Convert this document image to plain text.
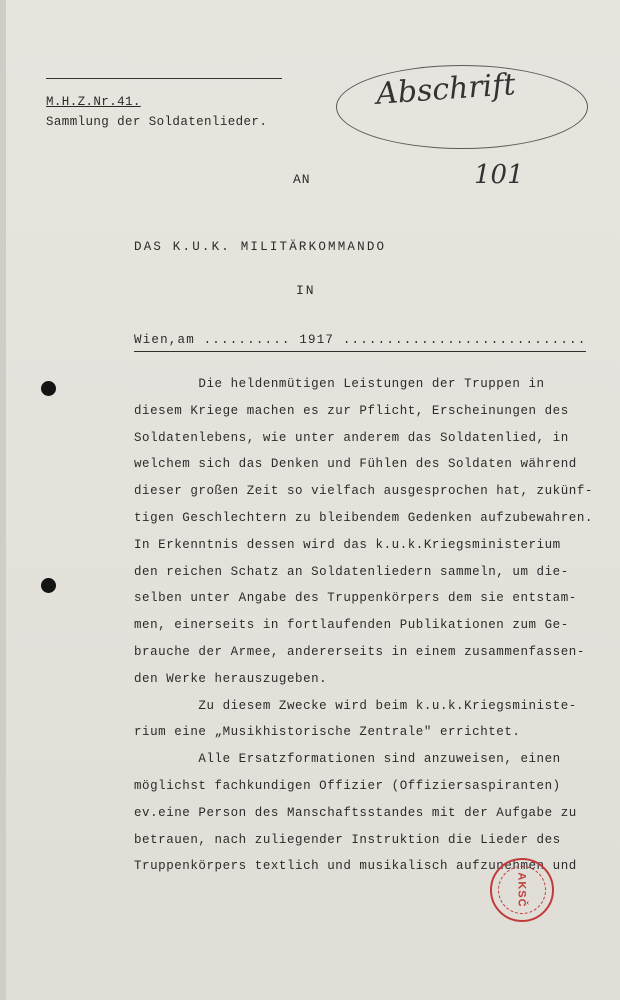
M.H.Z.Nr.41.
Sammlung der Soldatenlieder.
Abschrift
101
AN
DAS K.U.K. MILITÄRKOMMANDO
IN
Wien,am .......... 1917 ............................
Die heldenmütigen Leistungen der Truppen in
diesem Kriege machen es zur Pflicht, Erscheinungen des
Soldatenlebens, wie unter anderem das Soldatenlied, in
welchem sich das Denken und Fühlen des Soldaten während
dieser großen Zeit so vielfach ausgesprochen hat, zukünf-
tigen Geschlechtern zu bleibendem Gedenken aufzubewahren.
In Erkenntnis dessen wird das k.u.k.Kriegsministerium
den reichen Schatz an Soldatenliedern sammeln, um die-
selben unter Angabe des Truppenkörpers dem sie entstam-
men, einerseits in fortlaufenden Publikationen zum Ge-
brauche der Armee, andererseits in einem zusammenfassen-
den Werke herauszugeben.
Zu diesem Zwecke wird beim k.u.k.Kriegsministe-
rium eine „Musikhistorische Zentrale" errichtet.
Alle Ersatzformationen sind anzuweisen, einen
möglichst fachkundigen Offizier (Offiziersaspiranten)
ev.eine Person des Manschaftsstandes mit der Aufgabe zu
betrauen, nach zuliegender Instruktion die Lieder des
Truppenkörpers textlich und musikalisch aufzunehmen und
AKSČ
